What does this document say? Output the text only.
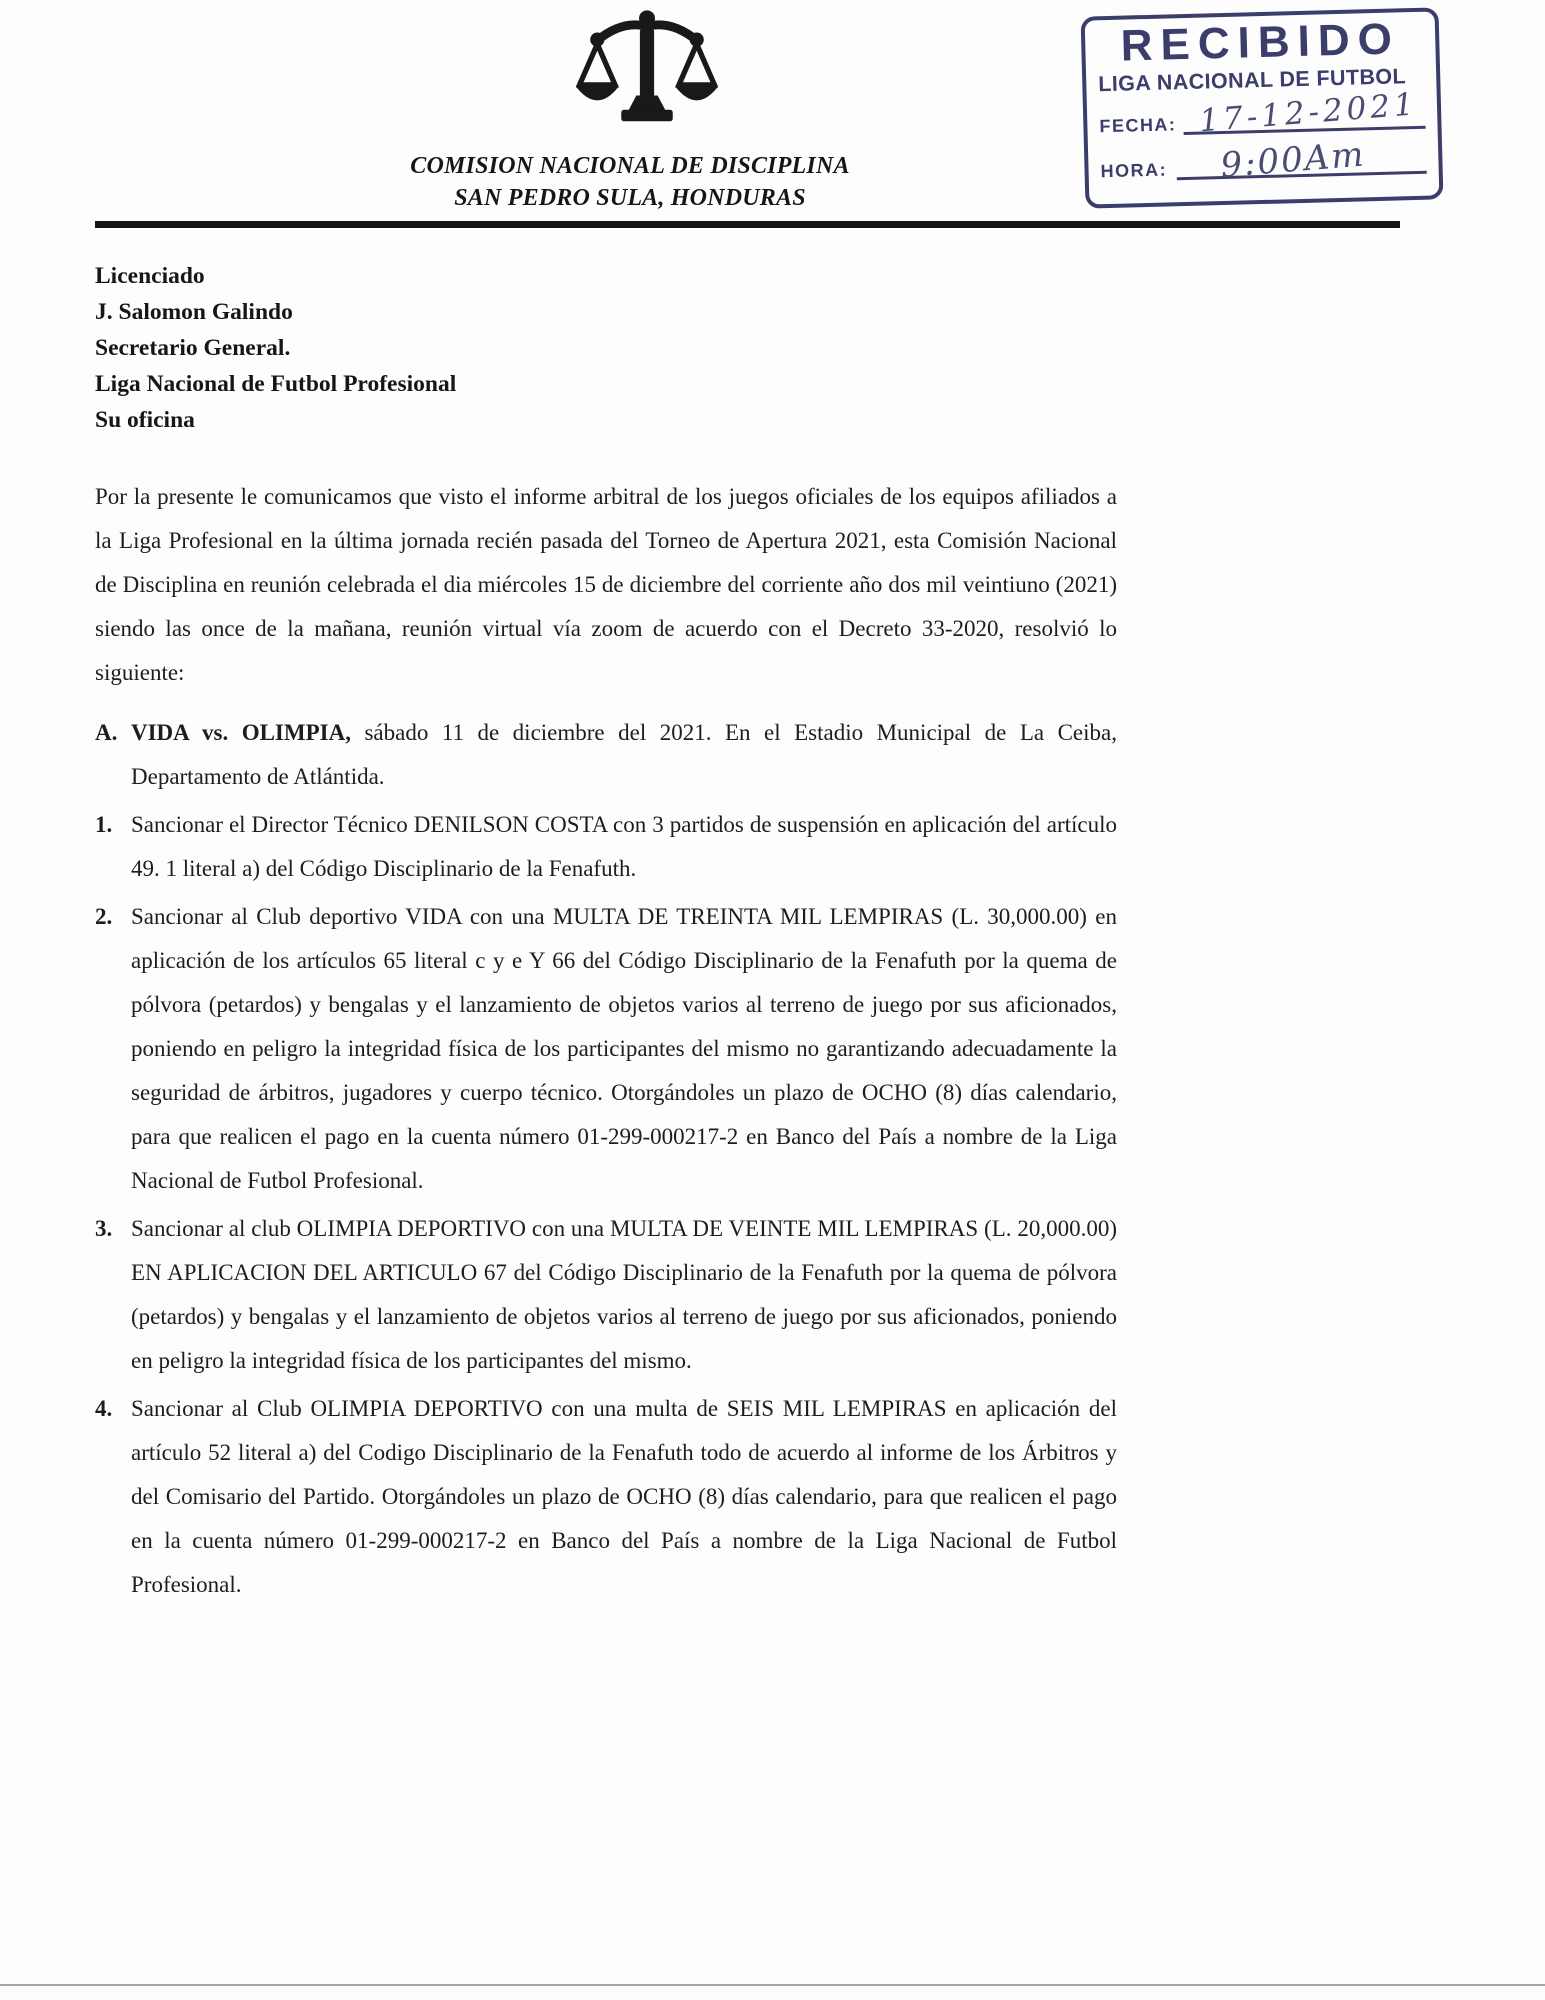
COMISION NACIONAL DE DISCIPLINA
SAN PEDRO SULA, HONDURAS
RECIBIDO
LIGA NACIONAL DE FUTBOL
FECHA: 17-12-2021
HORA: 9:00Am
Licenciado
J. Salomon Galindo
Secretario General.
Liga Nacional de Futbol Profesional
Su oficina

Por la presente le comunicamos que visto el informe arbitral de los juegos oficiales de los equipos afiliados a la Liga Profesional en la última jornada recién pasada del Torneo de Apertura 2021, esta Comisión Nacional de Disciplina en reunión celebrada el dia miércoles 15 de diciembre del corriente año dos mil veintiuno (2021) siendo las once de la mañana, reunión virtual vía zoom de acuerdo con el Decreto 33-2020, resolvió lo siguiente:

A. VIDA vs. OLIMPIA, sábado 11 de diciembre del 2021. En el Estadio Municipal de La Ceiba, Departamento de Atlántida.
1. Sancionar el Director Técnico DENILSON COSTA con 3 partidos de suspensión en aplicación del artículo 49. 1 literal a) del Código Disciplinario de la Fenafuth.
2. Sancionar al Club deportivo VIDA con una MULTA DE TREINTA MIL LEMPIRAS (L. 30,000.00) en aplicación de los artículos 65 literal c y e Y 66 del Código Disciplinario de la Fenafuth por la quema de pólvora (petardos) y bengalas y el lanzamiento de objetos varios al terreno de juego por sus aficionados, poniendo en peligro la integridad física de los participantes del mismo no garantizando adecuadamente la seguridad de árbitros, jugadores y cuerpo técnico. Otorgándoles un plazo de OCHO (8) días calendario, para que realicen el pago en la cuenta número 01-299-000217-2 en Banco del País a nombre de la Liga Nacional de Futbol Profesional.
3. Sancionar al club OLIMPIA DEPORTIVO con una MULTA DE VEINTE MIL LEMPIRAS (L. 20,000.00) EN APLICACION DEL ARTICULO 67 del Código Disciplinario de la Fenafuth por la quema de pólvora (petardos) y bengalas y el lanzamiento de objetos varios al terreno de juego por sus aficionados, poniendo en peligro la integridad física de los participantes del mismo.
4. Sancionar al Club OLIMPIA DEPORTIVO con una multa de SEIS MIL LEMPIRAS en aplicación del artículo 52 literal a) del Codigo Disciplinario de la Fenafuth todo de acuerdo al informe de los Árbitros y del Comisario del Partido. Otorgándoles un plazo de OCHO (8) días calendario, para que realicen el pago en la cuenta número 01-299-000217-2 en Banco del País a nombre de la Liga Nacional de Futbol Profesional.
